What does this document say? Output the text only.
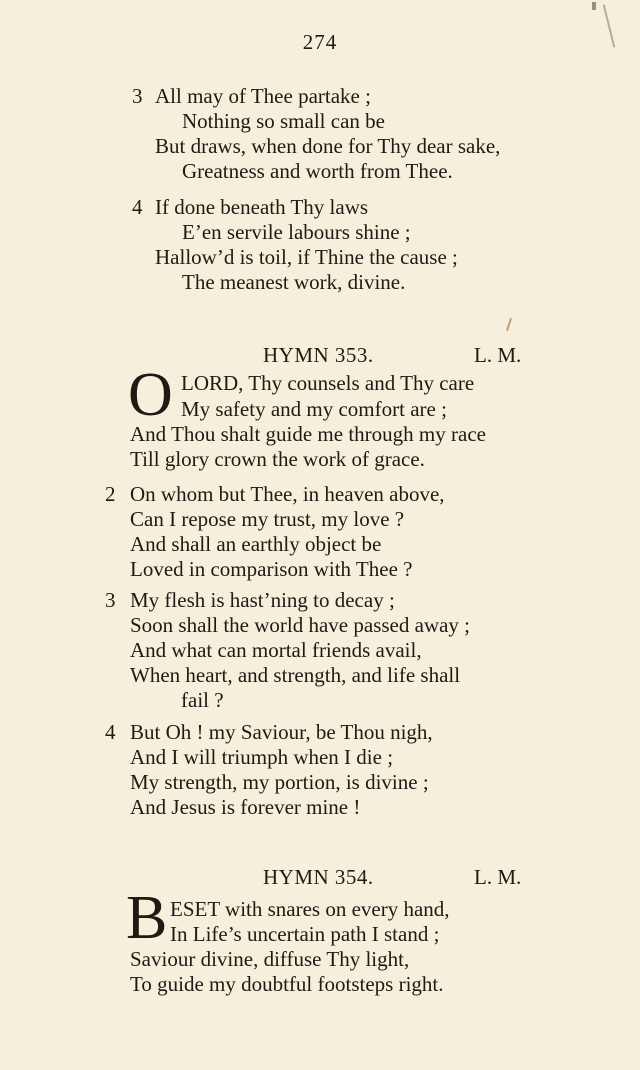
274
3 All may of Thee partake ;
Nothing so small can be
But draws, when done for Thy dear sake,
Greatness and worth from Thee.
4 If done beneath Thy laws
E’en servile labours shine ;
Hallow’d is toil, if Thine the cause ;
The meanest work, divine.
HYMN 353.	L. M.
O LORD, Thy counsels and Thy care
My safety and my comfort are ;
And Thou shalt guide me through my race
Till glory crown the work of grace.
2 On whom but Thee, in heaven above,
Can I repose my trust, my love ?
And shall an earthly object be
Loved in comparison with Thee ?
3 My flesh is hast’ning to decay ;
Soon shall the world have passed away ;
And what can mortal friends avail,
When heart, and strength, and life shall
fail ?
4 But Oh ! my Saviour, be Thou nigh,
And I will triumph when I die ;
My strength, my portion, is divine ;
And Jesus is forever mine !
HYMN 354.	L. M.
B ESET with snares on every hand,
In Life’s uncertain path I stand ;
Saviour divine, diffuse Thy light,
To guide my doubtful footsteps right.
